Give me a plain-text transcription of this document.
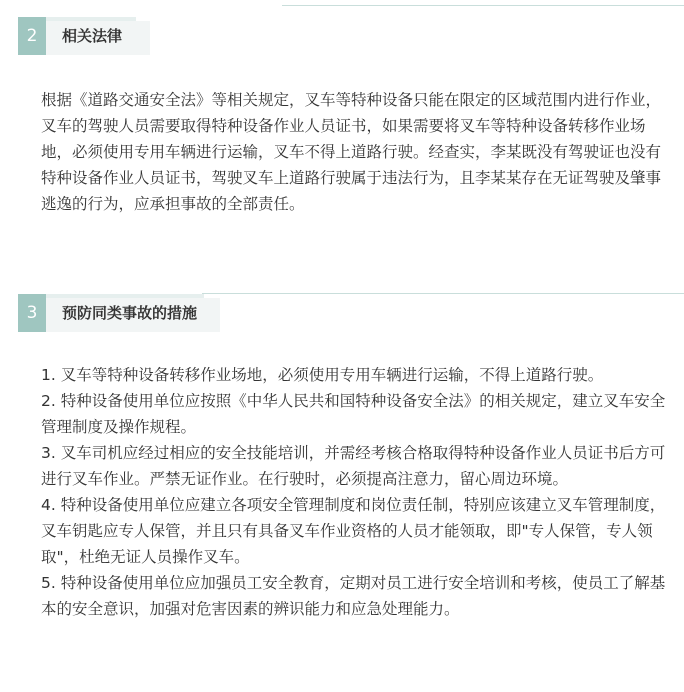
2	相关法律

根据《道路交通安全法》等相关规定，叉车等特种设备只能在限定的区域范围内进行作业，叉车的驾驶人员需要取得特种设备作业人员证书，如果需要将叉车等特种设备转移作业场地，必须使用专用车辆进行运输，叉车不得上道路行驶。经查实，李某既没有驾驶证也没有特种设备作业人员证书，驾驶叉车上道路行驶属于违法行为，且李某某存在无证驾驶及肇事逃逸的行为，应承担事故的全部责任。

3	预防同类事故的措施

1. 叉车等特种设备转移作业场地，必须使用专用车辆进行运输，不得上道路行驶。

2. 特种设备使用单位应按照《中华人民共和国特种设备安全法》的相关规定，建立叉车安全管理制度及操作规程。

3. 叉车司机应经过相应的安全技能培训，并需经考核合格取得特种设备作业人员证书后方可进行叉车作业。严禁无证作业。在行驶时，必须提高注意力，留心周边环境。

4. 特种设备使用单位应建立各项安全管理制度和岗位责任制，特别应该建立叉车管理制度，叉车钥匙应专人保管，并且只有具备叉车作业资格的人员才能领取，即"专人保管，专人领取"，杜绝无证人员操作叉车。

5. 特种设备使用单位应加强员工安全教育，定期对员工进行安全培训和考核，使员工了解基本的安全意识，加强对危害因素的辨识能力和应急处理能力。
